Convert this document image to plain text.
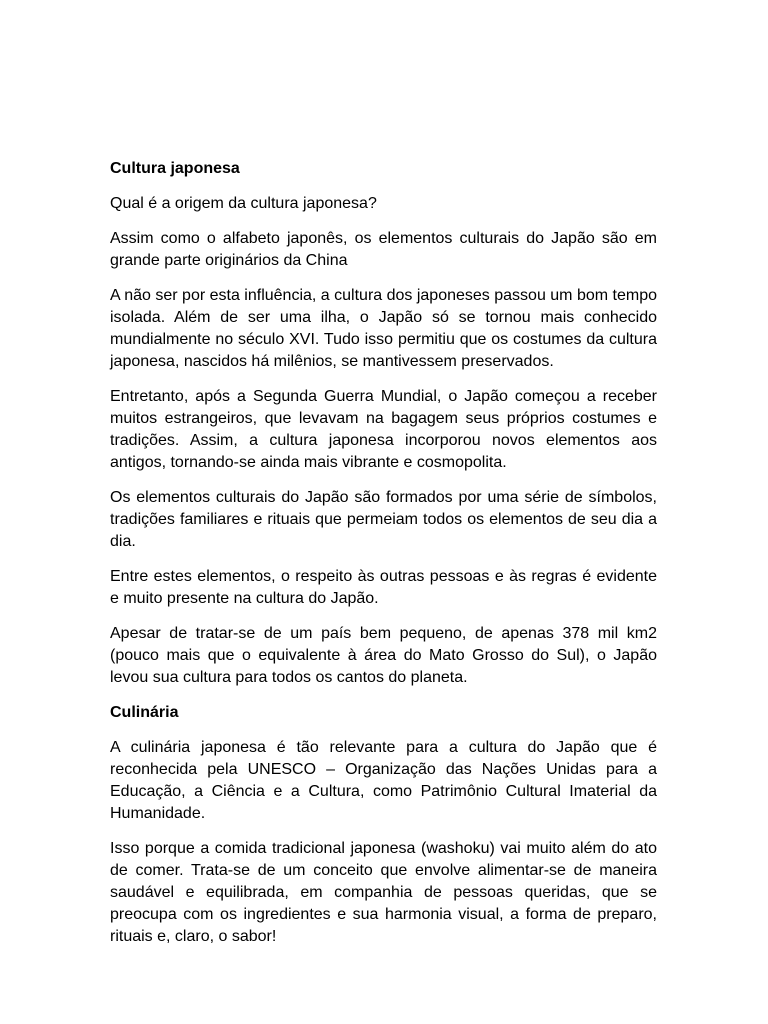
Cultura japonesa
Qual é a origem da cultura japonesa?
Assim como o alfabeto japonês, os elementos culturais do Japão são em grande parte originários da China
A não ser por esta influência, a cultura dos japoneses passou um bom tempo isolada. Além de ser uma ilha, o Japão só se tornou mais conhecido mundialmente no século XVI. Tudo isso permitiu que os costumes da cultura japonesa, nascidos há milênios, se mantivessem preservados.
Entretanto, após a Segunda Guerra Mundial, o Japão começou a receber muitos estrangeiros, que levavam na bagagem seus próprios costumes e tradições. Assim, a cultura japonesa incorporou novos elementos aos antigos, tornando-se ainda mais vibrante e cosmopolita.
Os elementos culturais do Japão são formados por uma série de símbolos, tradições familiares e rituais que permeiam todos os elementos de seu dia a dia.
Entre estes elementos, o respeito às outras pessoas e às regras é evidente e muito presente na cultura do Japão.
Apesar de tratar-se de um país bem pequeno, de apenas 378 mil km2 (pouco mais que o equivalente à área do Mato Grosso do Sul), o Japão levou sua cultura para todos os cantos do planeta.
Culinária
A culinária japonesa é tão relevante para a cultura do Japão que é reconhecida pela UNESCO – Organização das Nações Unidas para a Educação, a Ciência e a Cultura, como Patrimônio Cultural Imaterial da Humanidade.
Isso porque a comida tradicional japonesa (washoku) vai muito além do ato de comer. Trata-se de um conceito que envolve alimentar-se de maneira saudável e equilibrada, em companhia de pessoas queridas, que se preocupa com os ingredientes e sua harmonia visual, a forma de preparo, rituais e, claro, o sabor!
